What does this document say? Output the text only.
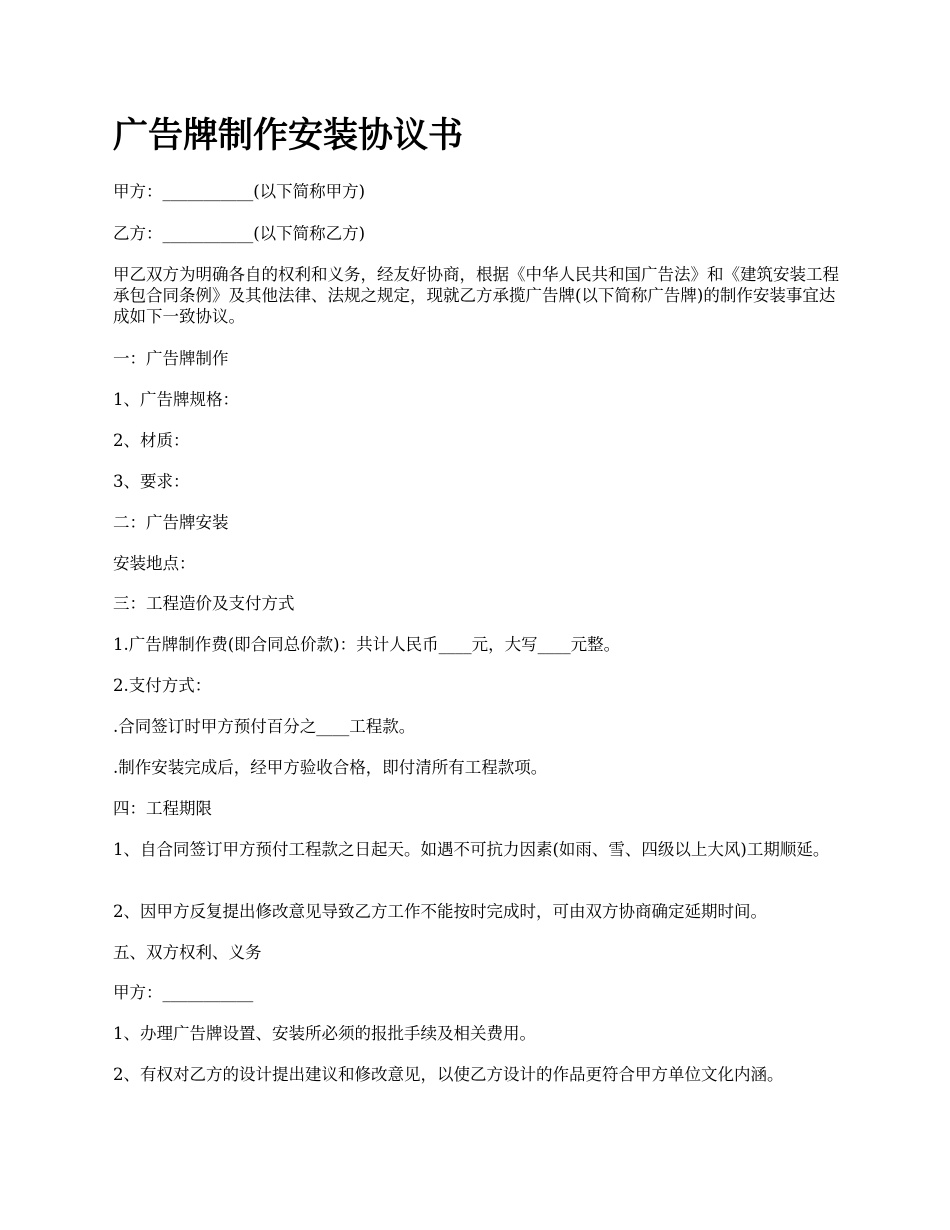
广告牌制作安装协议书

甲方：___________(以下简称甲方)

乙方：___________(以下简称乙方)

甲乙双方为明确各自的权利和义务，经友好协商，根据《中华人民共和国广告法》和《建筑安装工程承包合同条例》及其他法律、法规之规定，现就乙方承揽广告牌(以下简称广告牌)的制作安装事宜达成如下一致协议。

一：广告牌制作

1、广告牌规格：

2、材质：

3、要求：

二：广告牌安装

安装地点：

三：工程造价及支付方式

1.广告牌制作费(即合同总价款)：共计人民币____元，大写____元整。

2.支付方式：

.合同签订时甲方预付百分之____工程款。

.制作安装完成后，经甲方验收合格，即付清所有工程款项。

四：工程期限

1、自合同签订甲方预付工程款之日起天。如遇不可抗力因素(如雨、雪、四级以上大风)工期顺延。

2、因甲方反复提出修改意见导致乙方工作不能按时完成时，可由双方协商确定延期时间。

五、双方权利、义务

甲方：___________

1、办理广告牌设置、安装所必须的报批手续及相关费用。

2、有权对乙方的设计提出建议和修改意见，以使乙方设计的作品更符合甲方单位文化内涵。
